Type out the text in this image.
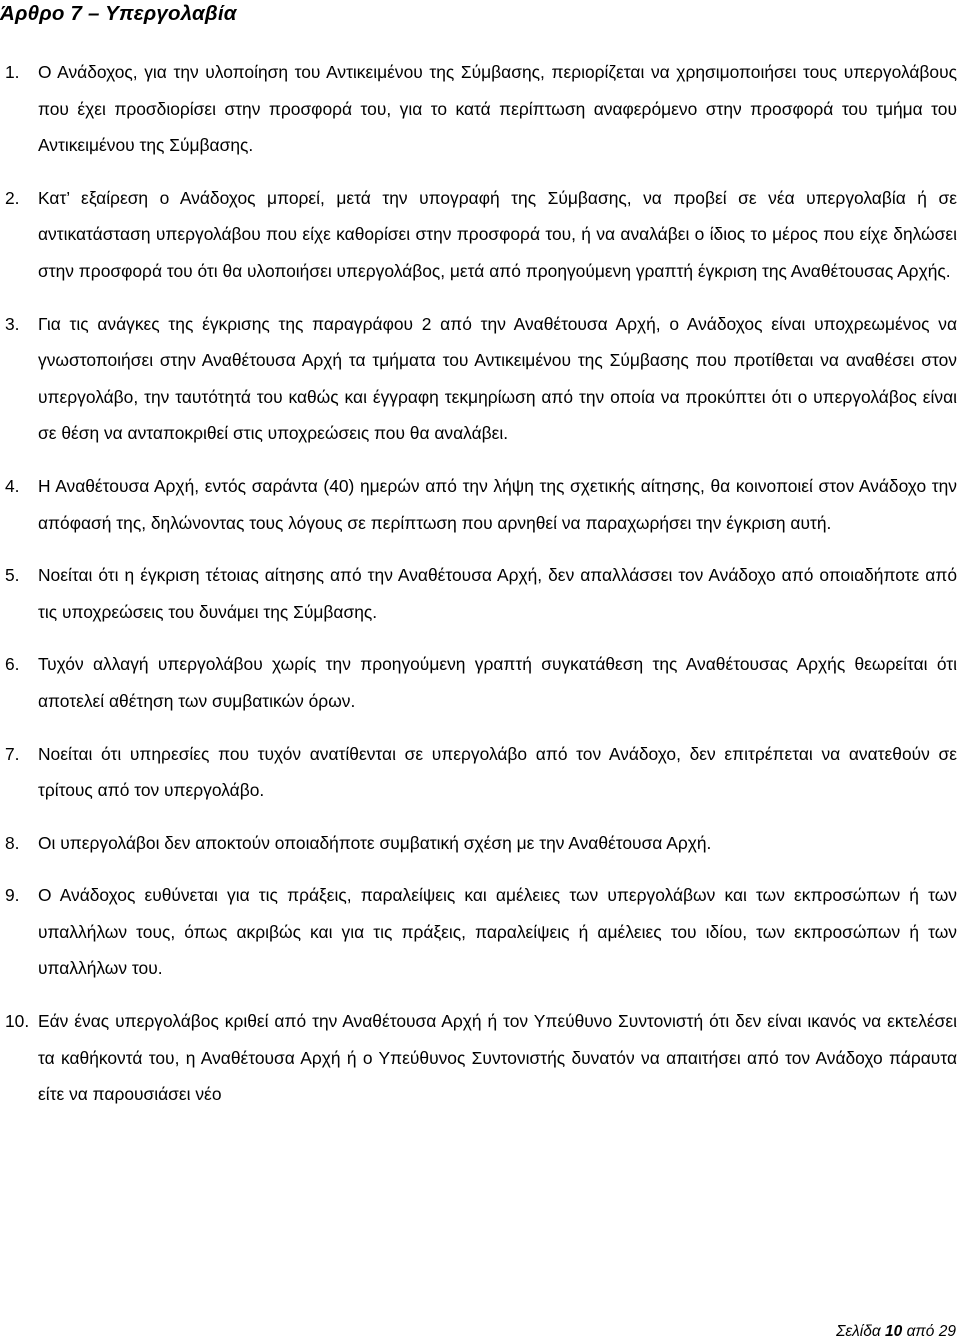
Άρθρο 7 – Υπεργολαβία
1. Ο Ανάδοχος, για την υλοποίηση του Αντικειμένου της Σύμβασης, περιορίζεται να χρησιμοποιήσει τους υπεργολάβους που έχει προσδιορίσει στην προσφορά του, για το κατά περίπτωση αναφερόμενο στην προσφορά του τμήμα του Αντικειμένου της Σύμβασης.
2. Κατ’ εξαίρεση ο Ανάδοχος μπορεί, μετά την υπογραφή της Σύμβασης, να προβεί σε νέα υπεργολαβία ή σε αντικατάσταση υπεργολάβου που είχε καθορίσει στην προσφορά του, ή να αναλάβει ο ίδιος το μέρος που είχε δηλώσει στην προσφορά του ότι θα υλοποιήσει υπεργολάβος, μετά από προηγούμενη γραπτή έγκριση της Αναθέτουσας Αρχής.
3. Για τις ανάγκες της έγκρισης της παραγράφου 2 από την Αναθέτουσα Αρχή, ο Ανάδοχος είναι υποχρεωμένος να γνωστοποιήσει στην Αναθέτουσα Αρχή τα τμήματα του Αντικειμένου της Σύμβασης που προτίθεται να αναθέσει στον υπεργολάβο, την ταυτότητά του καθώς και έγγραφη τεκμηρίωση από την οποία να προκύπτει ότι ο υπεργολάβος είναι σε θέση να ανταποκριθεί στις υποχρεώσεις που θα αναλάβει.
4. Η Αναθέτουσα Αρχή, εντός σαράντα (40) ημερών από την λήψη της σχετικής αίτησης, θα κοινοποιεί στον Ανάδοχο την απόφασή της, δηλώνοντας τους λόγους σε περίπτωση που αρνηθεί να παραχωρήσει την έγκριση αυτή.
5. Νοείται ότι η έγκριση τέτοιας αίτησης από την Αναθέτουσα Αρχή, δεν απαλλάσσει τον Ανάδοχο από οποιαδήποτε από τις υποχρεώσεις του δυνάμει της Σύμβασης.
6. Τυχόν αλλαγή υπεργολάβου χωρίς την προηγούμενη γραπτή συγκατάθεση της Αναθέτουσας Αρχής θεωρείται ότι αποτελεί αθέτηση των συμβατικών όρων.
7. Νοείται ότι υπηρεσίες που τυχόν ανατίθενται σε υπεργολάβο από τον Ανάδοχο, δεν επιτρέπεται να ανατεθούν σε τρίτους από τον υπεργολάβο.
8. Οι υπεργολάβοι δεν αποκτούν οποιαδήποτε συμβατική σχέση με την Αναθέτουσα Αρχή.
9. Ο Ανάδοχος ευθύνεται για τις πράξεις, παραλείψεις και αμέλειες των υπεργολάβων και των εκπροσώπων ή των υπαλλήλων τους, όπως ακριβώς και για τις πράξεις, παραλείψεις ή αμέλειες του ιδίου, των εκπροσώπων ή των υπαλλήλων του.
10. Εάν ένας υπεργολάβος κριθεί από την Αναθέτουσα Αρχή ή τον Υπεύθυνο Συντονιστή ότι δεν είναι ικανός να εκτελέσει τα καθήκοντά του, η Αναθέτουσα Αρχή ή ο Υπεύθυνος Συντονιστής δυνατόν να απαιτήσει από τον Ανάδοχο πάραυτα είτε να παρουσιάσει νέο
Σελίδα 10 από 29
